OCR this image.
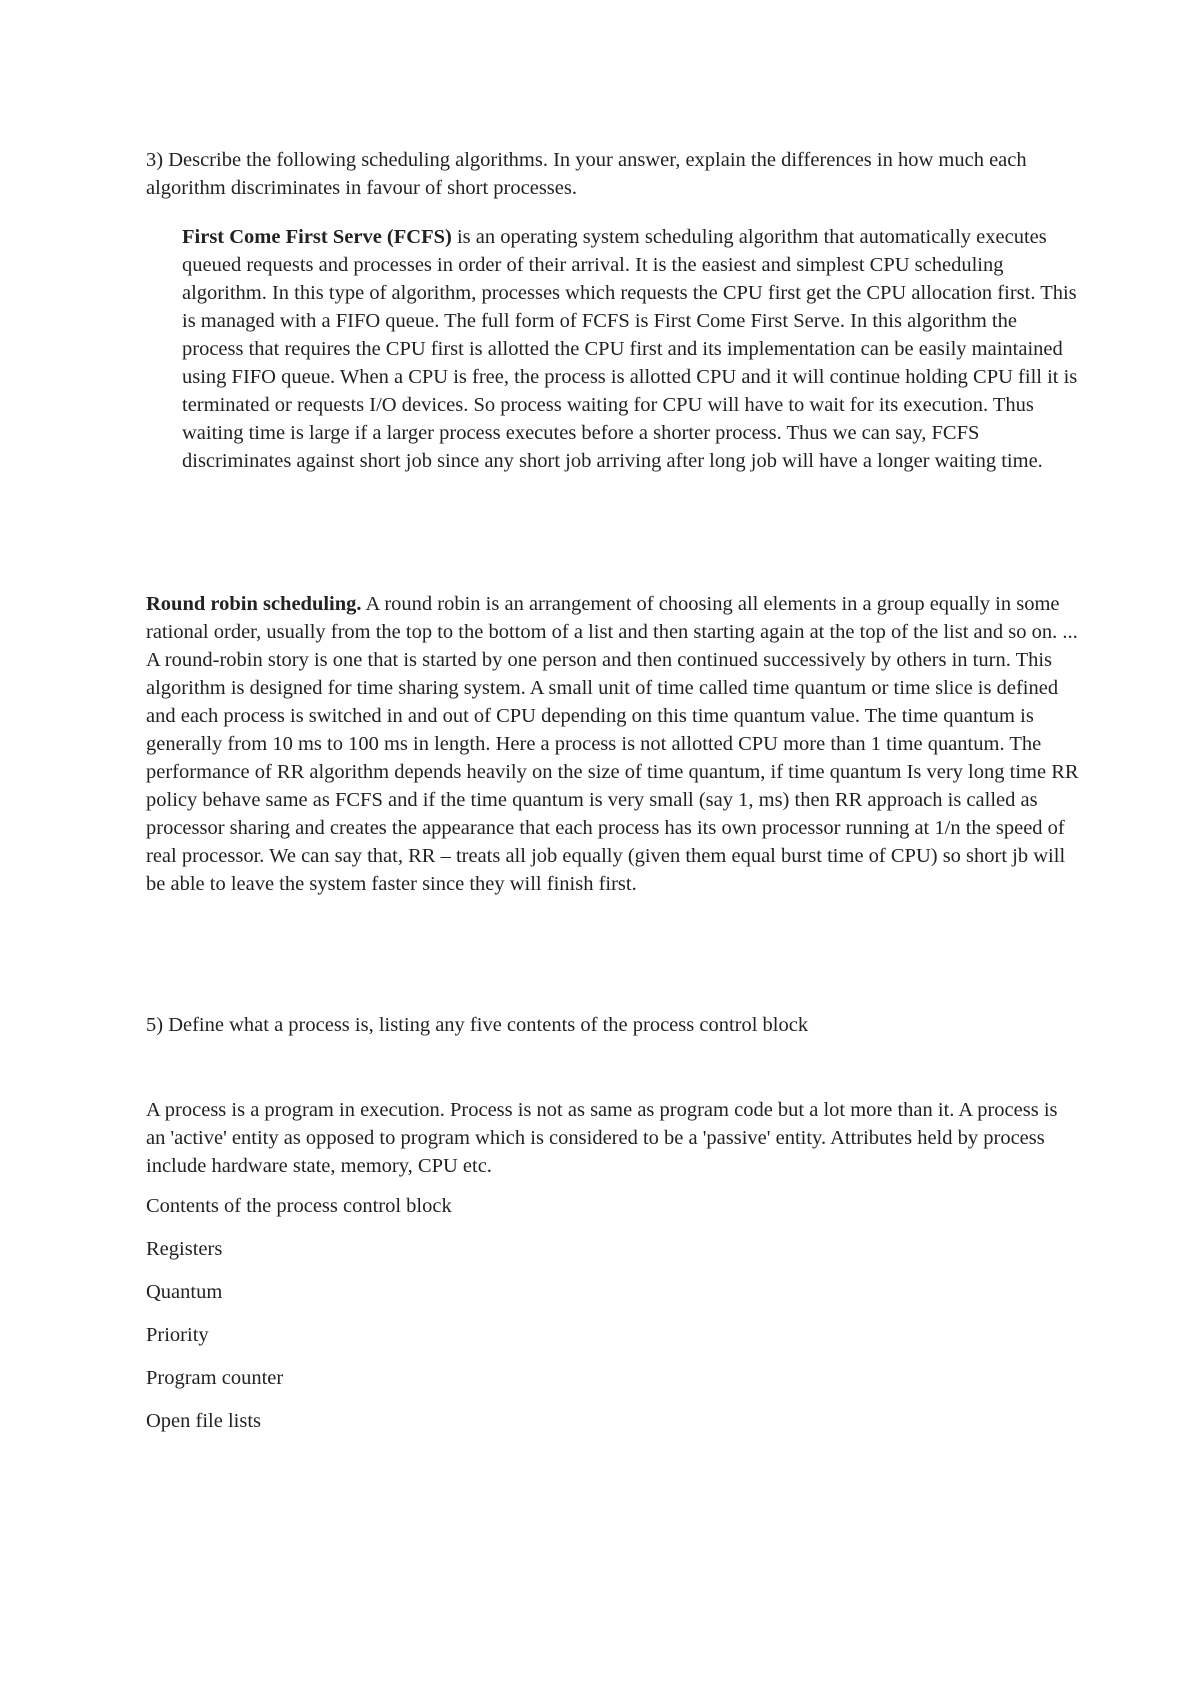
3) Describe the following scheduling algorithms. In your answer, explain the differences in how much each algorithm discriminates in favour of short processes.

First Come First Serve (FCFS) is an operating system scheduling algorithm that automatically executes queued requests and processes in order of their arrival. It is the easiest and simplest CPU scheduling algorithm. In this type of algorithm, processes which requests the CPU first get the CPU allocation first. This is managed with a FIFO queue. The full form of FCFS is First Come First Serve. In this algorithm the process that requires the CPU first is allotted the CPU first and its implementation can be easily maintained using FIFO queue. When a CPU is free, the process is allotted CPU and it will continue holding CPU fill it is terminated or requests I/O devices. So process waiting for CPU will have to wait for its execution. Thus waiting time is large if a larger process executes before a shorter process. Thus we can say, FCFS discriminates against short job since any short job arriving after long job will have a longer waiting time.

Round robin scheduling. A round robin is an arrangement of choosing all elements in a group equally in some rational order, usually from the top to the bottom of a list and then starting again at the top of the list and so on. ... A round-robin story is one that is started by one person and then continued successively by others in turn. This algorithm is designed for time sharing system. A small unit of time called time quantum or time slice is defined and each process is switched in and out of CPU depending on this time quantum value. The time quantum is generally from 10 ms to 100 ms in length. Here a process is not allotted CPU more than 1 time quantum. The performance of RR algorithm depends heavily on the size of time quantum, if time quantum Is very long time RR policy behave same as FCFS and if the time quantum is very small (say 1, ms) then RR approach is called as processor sharing and creates the appearance that each process has its own processor running at 1/n the speed of real processor. We can say that, RR – treats all job equally (given them equal burst time of CPU) so short jb will be able to leave the system faster since they will finish first.

5) Define what a process is, listing any five contents of the process control block

A process is a program in execution. Process is not as same as program code but a lot more than it. A process is an 'active' entity as opposed to program which is considered to be a 'passive' entity. Attributes held by process include hardware state, memory, CPU etc.

Contents of the process control block

Registers
Quantum
Priority
Program counter
Open file lists
